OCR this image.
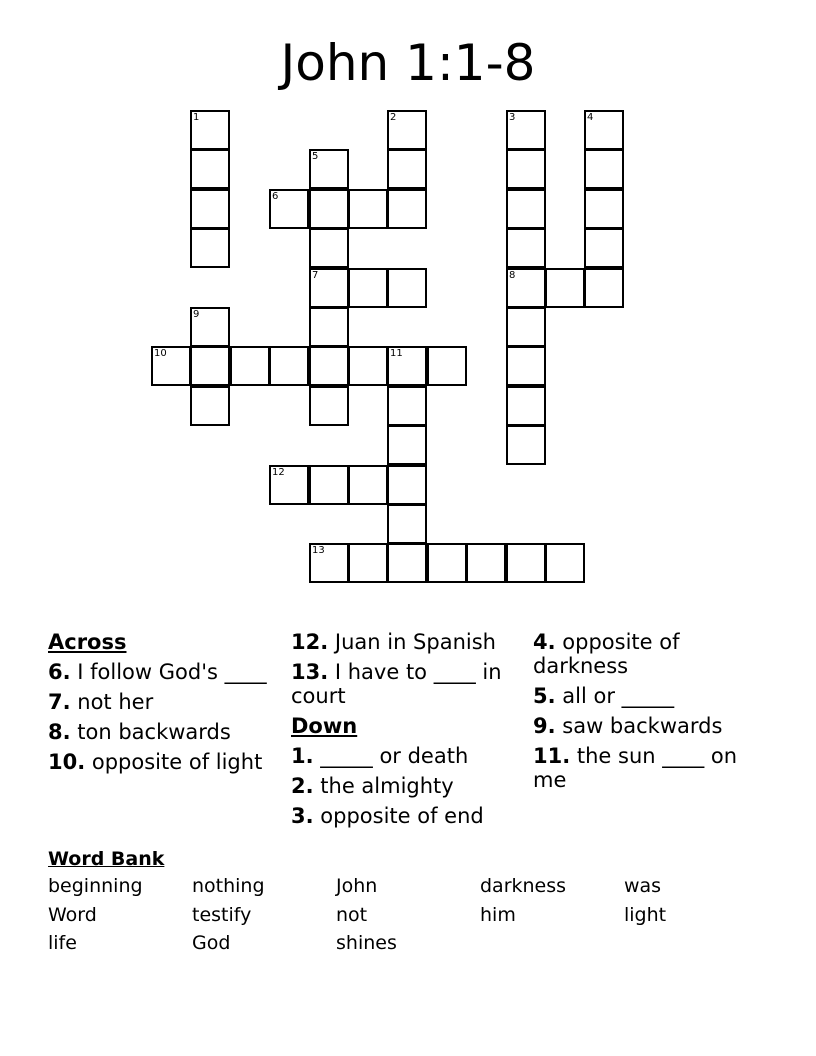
John 1:1-8
6
7	8
10	11
12
13
1	2	3	4
5
9
Across
6. I follow God's ____
7. not her
8. ton backwards
10. opposite of light
12. Juan in Spanish
13. I have to ____ in court
Down
1. _____ or death
2. the almighty
3. opposite of end
4. opposite of darkness
5. all or _____
9. saw backwards
11. the sun ____ on me
Word Bank
beginning	nothing	John	darkness	was
Word	testify	not	him	light
life	God	shines
